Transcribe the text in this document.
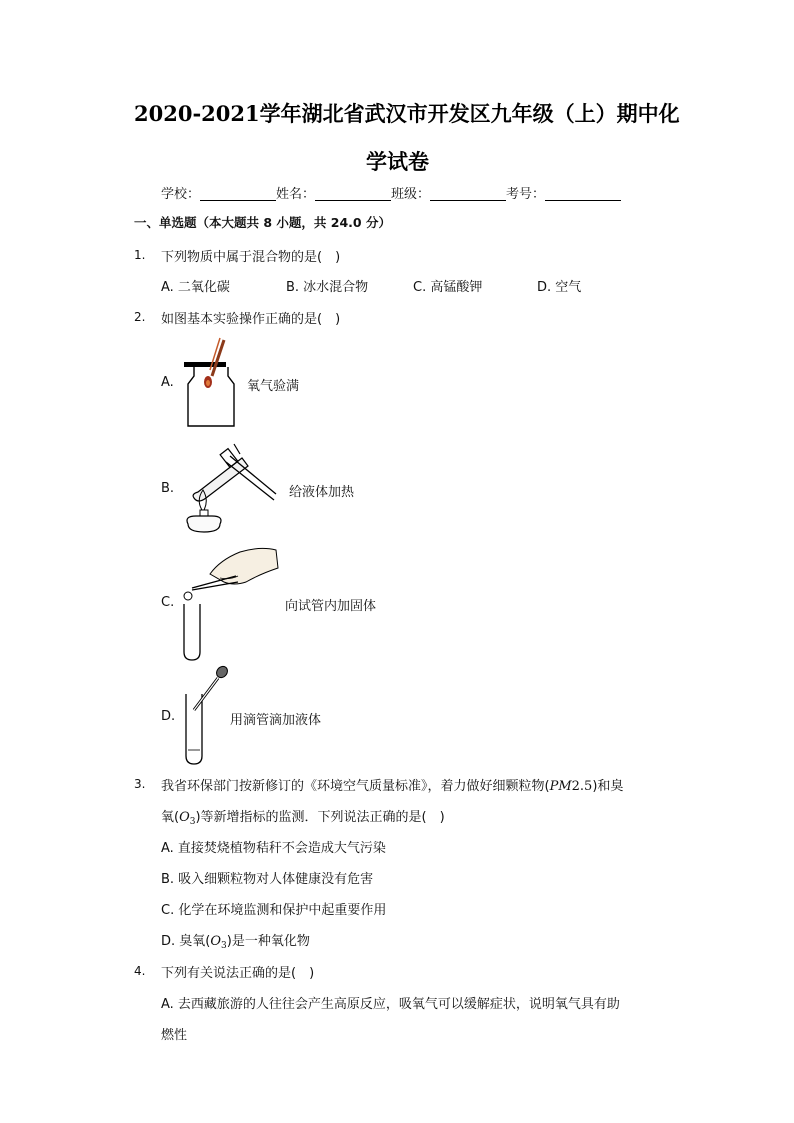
2020-2021学年湖北省武汉市开发区九年级（上）期中化
学试卷
学校：	姓名：	班级：	考号：
一、单选题（本大题共 8 小题，共 24.0 分）
1. 下列物质中属于混合物的是(　)
A. 二氧化碳	B. 冰水混合物	C. 高锰酸钾	D. 空气
2. 如图基本实验操作正确的是(　)
A.	氧气验满
B.	给液体加热
C.	向试管内加固体
D.	用滴管滴加液体
3. 我省环保部门按新修订的《环境空气质量标准》，着力做好细颗粒物(PM2.5)和臭
氧$(O_3)$等新增指标的监测．下列说法正确的是(　)
A. 直接焚烧植物秸秆不会造成大气污染
B. 吸入细颗粒物对人体健康没有危害
C. 化学在环境监测和保护中起重要作用
D. 臭氧$(O_3)$是一种氧化物
4. 下列有关说法正确的是(　)
A. 去西藏旅游的人往往会产生高原反应，吸氧气可以缓解症状，说明氧气具有助
燃性
